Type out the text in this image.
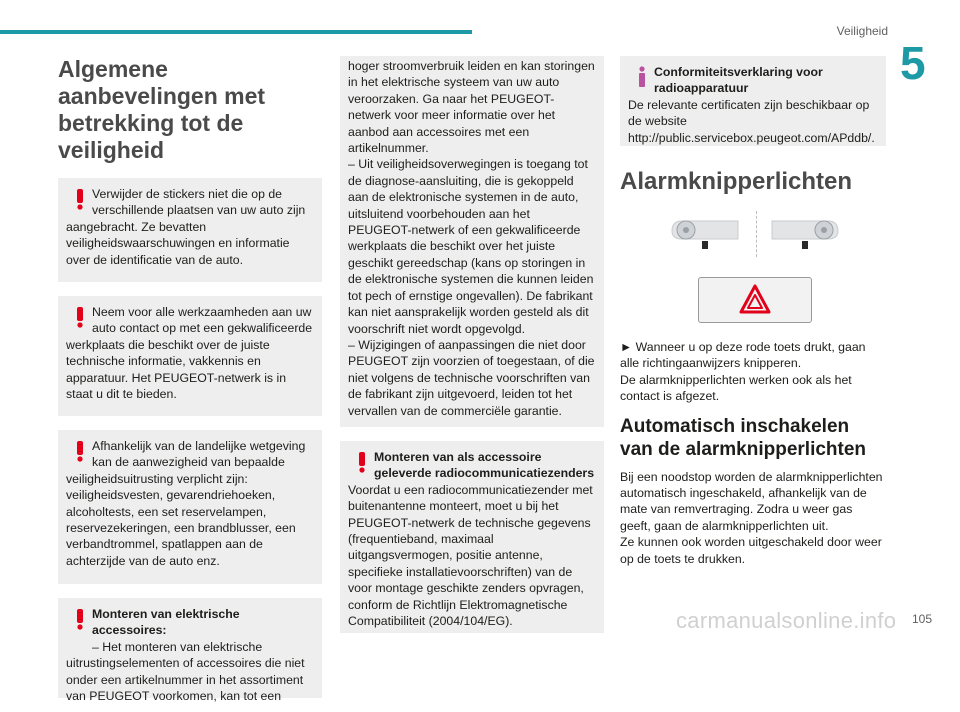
Veiligheid
5
Algemene aanbevelingen met betrekking tot de veiligheid
Verwijder de stickers niet die op de verschillende plaatsen van uw auto zijn

aangebracht. Ze bevatten veiligheidswaarschuwingen en informatie over de identificatie van de auto.

Neem voor alle werkzaamheden aan uw auto contact op met een gekwalificeerde

werkplaats die beschikt over de juiste technische informatie, vakkennis en apparatuur. Het PEUGEOT-netwerk is in staat u dit te bieden.

Afhankelijk van de landelijke wetgeving kan de aanwezigheid van bepaalde

veiligheidsuitrusting verplicht zijn: veiligheidsvesten, gevarendriehoeken, alcoholtests, een set reservelampen, reservezekeringen, een brandblusser, een verbandtrommel, spatlappen aan de achterzijde van de auto enz.

Monteren van elektrische accessoires:
– Het monteren van elektrische

uitrustingselementen of accessoires die niet onder een artikelnummer in het assortiment van PEUGEOT voorkomen, kan tot een

hoger stroomverbruik leiden en kan storingen in het elektrische systeem van uw auto veroorzaken. Ga naar het PEUGEOT-netwerk voor meer informatie over het aanbod aan accessoires met een artikelnummer.
– Uit veiligheidsoverwegingen is toegang tot de diagnose-aansluiting, die is gekoppeld aan de elektronische systemen in de auto, uitsluitend voorbehouden aan het PEUGEOT-netwerk of een gekwalificeerde werkplaats die beschikt over het juiste geschikt gereedschap (kans op storingen in de elektronische systemen die kunnen leiden tot pech of ernstige ongevallen). De fabrikant kan niet aansprakelijk worden gesteld als dit voorschrift niet wordt opgevolgd.
– Wijzigingen of aanpassingen die niet door PEUGEOT zijn voorzien of toegestaan, of die niet volgens de technische voorschriften van de fabrikant zijn uitgevoerd, leiden tot het vervallen van de commerciële garantie.
Monteren van als accessoire geleverde radiocommunicatiezenders

Voordat u een radiocommunicatiezender met buitenantenne monteert, moet u bij het PEUGEOT-netwerk de technische gegevens (frequentieband, maximaal uitgangsvermogen, positie antenne, specifieke installatievoorschriften) van de voor montage geschikte zenders opvragen, conform de Richtlijn Elektromagnetische Compatibiliteit (2004/104/EG).

Conformiteitsverklaring voor radioapparatuur

De relevante certificaten zijn beschikbaar op de website http://public.servicebox.peugeot.com/APddb/.

Alarmknipperlichten

► Wanneer u op deze rode toets drukt, gaan alle richtingaanwijzers knipperen.
De alarmknipperlichten werken ook als het contact is afgezet.

Automatisch inschakelen van de alarmknipperlichten

Bij een noodstop worden de alarmknipperlichten automatisch ingeschakeld, afhankelijk van de mate van remvertraging. Zodra u weer gas geeft, gaan de alarmknipperlichten uit.
Ze kunnen ook worden uitgeschakeld door weer op de toets te drukken.

carmanualsonline.info 105
